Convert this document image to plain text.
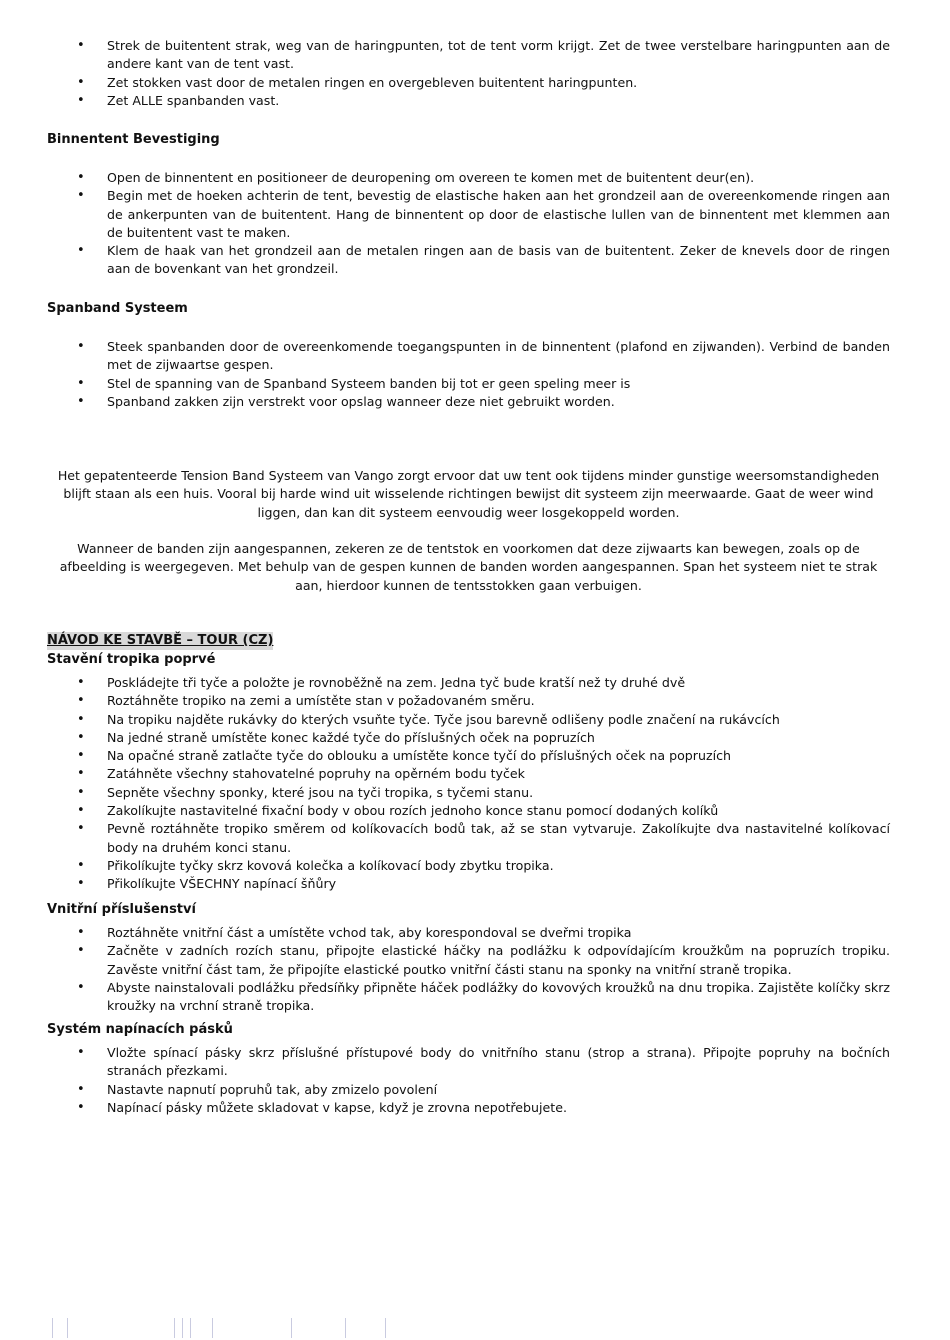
• Strek de buitentent strak, weg van de haringpunten, tot de tent vorm krijgt. Zet de twee verstelbare haringpunten aan de andere kant van de tent vast.
• Zet stokken vast door de metalen ringen en overgebleven buitentent haringpunten.
• Zet ALLE spanbanden vast.
Binnentent Bevestiging
• Open de binnentent en positioneer de deuropening om overeen te komen met de buitentent deur(en).
• Begin met de hoeken achterin de tent, bevestig de elastische haken aan het grondzeil aan de overeenkomende ringen aan de ankerpunten van de buitentent. Hang de binnentent op door de elastische lullen van de binnentent met klemmen aan de buitentent vast te maken.
• Klem de haak van het grondzeil aan de metalen ringen aan de basis van de buitentent. Zeker de knevels door de ringen aan de bovenkant van het grondzeil.
Spanband Systeem
• Steek spanbanden door de overeenkomende toegangspunten in de binnentent (plafond en zijwanden). Verbind de banden met de zijwaartse gespen.
• Stel de spanning van de Spanband Systeem banden bij tot er geen speling meer is
• Spanband zakken zijn verstrekt voor opslag wanneer deze niet gebruikt worden.

Het gepatenteerde Tension Band Systeem van Vango zorgt ervoor dat uw tent ook tijdens minder gunstige weersomstandigheden blijft staan als een huis. Vooral bij harde wind uit wisselende richtingen bewijst dit systeem zijn meerwaarde. Gaat de weer wind liggen, dan kan dit systeem eenvoudig weer losgekoppeld worden.

Wanneer de banden zijn aangespannen, zekeren ze de tentstok en voorkomen dat deze zijwaarts kan bewegen, zoals op de afbeelding is weergegeven. Met behulp van de gespen kunnen de banden worden aangespannen. Span het systeem niet te strak aan, hierdoor kunnen de tentsstokken gaan verbuigen.

NÁVOD KE STAVBĚ – TOUR (CZ)
Stavění tropika poprvé
• Poskládejte tři tyče a položte je rovnoběžně na zem. Jedna tyč bude kratší než ty druhé dvě
• Roztáhněte tropiko na zemi a umístěte stan v požadovaném směru.
• Na tropiku najděte rukávky do kterých vsuňte tyče. Tyče jsou barevně odlišeny podle značení na rukávcích
• Na jedné straně umístěte konec každé tyče do příslušných oček na popruzích
• Na opačné straně zatlačte tyče do oblouku a umístěte konce tyčí do příslušných oček na popruzích
• Zatáhněte všechny stahovatelné popruhy na opěrném bodu tyček
• Sepněte všechny sponky, které jsou na tyči tropika, s tyčemi stanu.
• Zakolíkujte nastavitelné fixační body v obou rozích jednoho konce stanu pomocí dodaných kolíků
• Pevně roztáhněte tropiko směrem od kolíkovacích bodů tak, až se stan vytvaruje. Zakolíkujte dva nastavitelné kolíkovací body na druhém konci stanu.
• Přikolíkujte tyčky skrz kovová kolečka a kolíkovací body zbytku tropika.
• Přikolíkujte VŠECHNY napínací šňůry
Vnitřní příslušenství
• Roztáhněte vnitřní část a umístěte vchod tak, aby korespondoval se dveřmi tropika
• Začněte v zadních rozích stanu, připojte elastické háčky na podlážku k odpovídajícím kroužkům na popruzích tropiku. Zavěste vnitřní část tam, že připojíte elastické poutko vnitřní části stanu na sponky na vnitřní straně tropika.
• Abyste nainstalovali podlážku předsíňky připněte háček podlážky do kovových kroužků na dnu tropika. Zajistěte kolíčky skrz kroužky na vrchní straně tropika.
Systém napínacích pásků
• Vložte spínací pásky skrz příslušné přístupové body do vnitřního stanu (strop a strana). Připojte popruhy na bočních stranách přezkami.
• Nastavte napnutí popruhů tak, aby zmizelo povolení
• Napínací pásky můžete skladovat v kapse, když je zrovna nepotřebujete.
